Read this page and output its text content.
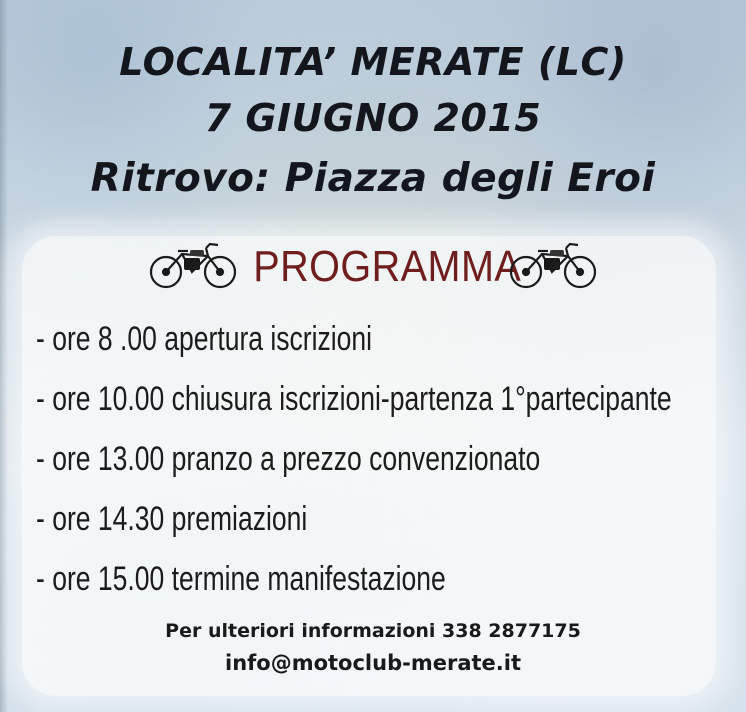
LOCALITA’ MERATE (LC)
7 GIUGNO 2015
Ritrovo: Piazza degli Eroi
PROGRAMMA
- ore 8 .00 apertura iscrizioni
- ore 10.00 chiusura iscrizioni-partenza 1°partecipante
- ore 13.00 pranzo a prezzo convenzionato
- ore 14.30 premiazioni
- ore 15.00 termine manifestazione
Per ulteriori informazioni 338 2877175
info@motoclub-merate.it
